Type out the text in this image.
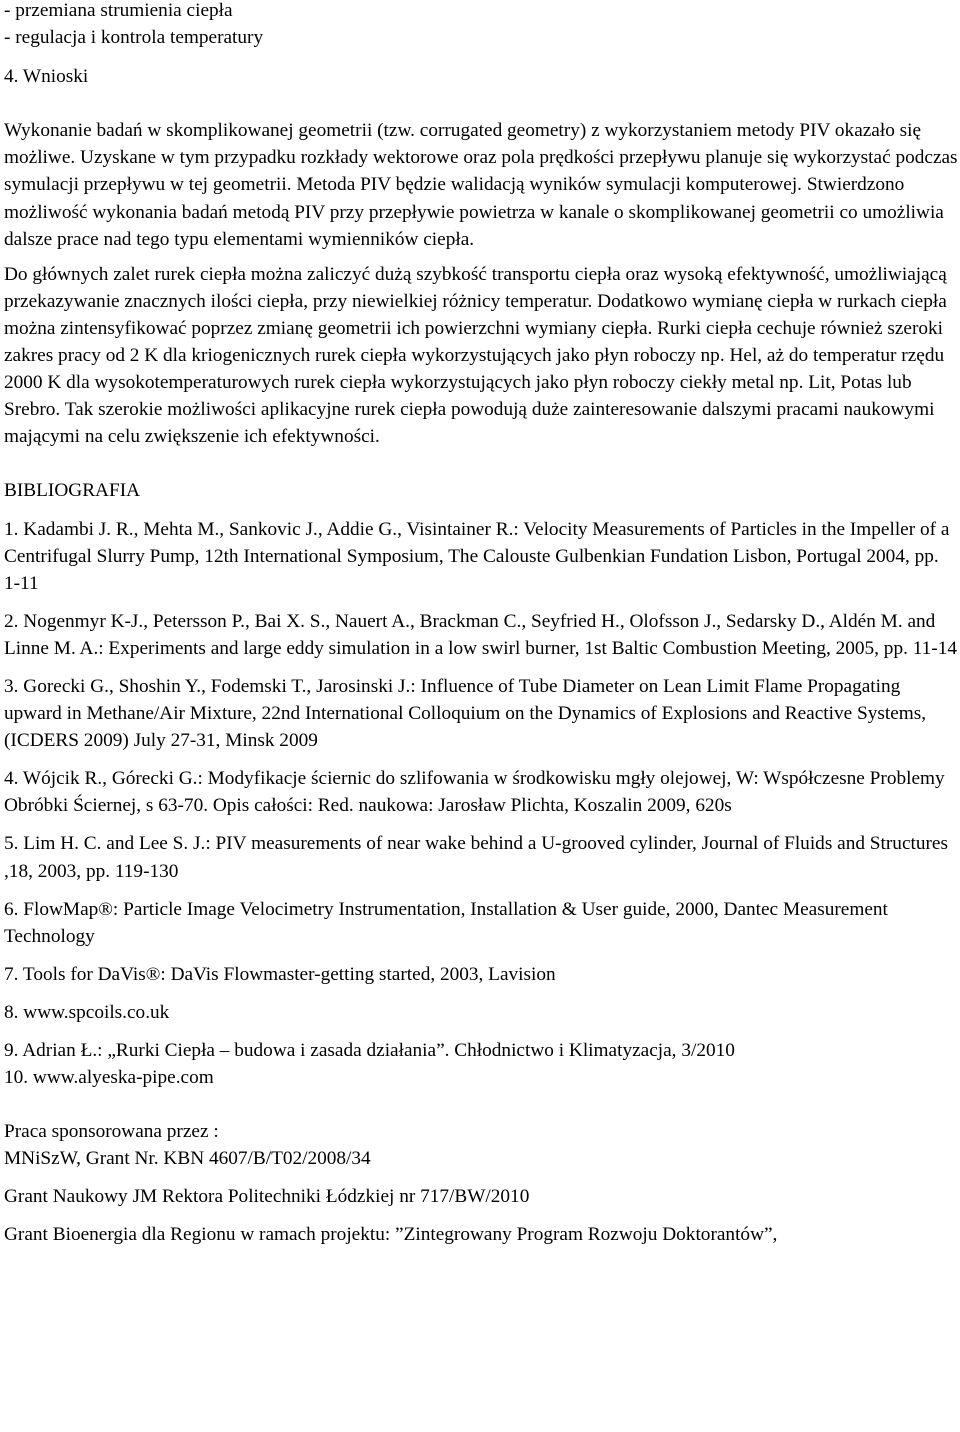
- przemiana strumienia ciepła
- regulacja i kontrola temperatury
4. Wnioski

Wykonanie badań w skomplikowanej geometrii (tzw. corrugated geometry) z wykorzystaniem metody PIV okazało się możliwe. Uzyskane w tym przypadku rozkłady wektorowe oraz pola prędkości przepływu planuje się wykorzystać podczas symulacji przepływu w tej geometrii. Metoda PIV będzie walidacją wyników symulacji komputerowej. Stwierdzono możliwość wykonania badań metodą PIV przy przepływie powietrza w kanale o skomplikowanej geometrii co umożliwia dalsze prace nad tego typu elementami wymienników ciepła.

Do głównych zalet rurek ciepła można zaliczyć dużą szybkość transportu ciepła oraz wysoką efektywność, umożliwiającą przekazywanie znacznych ilości ciepła, przy niewielkiej różnicy temperatur. Dodatkowo wymianę ciepła w rurkach ciepła można zintensyfikować poprzez zmianę geometrii ich powierzchni wymiany ciepła. Rurki ciepła cechuje również szeroki zakres pracy od 2 K dla kriogenicznych rurek ciepła wykorzystujących jako płyn roboczy np. Hel, aż do temperatur rzędu 2000 K dla wysokotemperaturowych rurek ciepła wykorzystujących jako płyn roboczy ciekły metal np. Lit, Potas lub Srebro. Tak szerokie możliwości aplikacyjne rurek ciepła powodują duże zainteresowanie dalszymi pracami naukowymi mającymi na celu zwiększenie ich efektywności.

BIBLIOGRAFIA

1. Kadambi J. R., Mehta M., Sankovic J., Addie G., Visintainer R.: Velocity Measurements of Particles in the Impeller of a Centrifugal Slurry Pump, 12th International Symposium, The Calouste Gulbenkian Fundation Lisbon, Portugal 2004, pp. 1-11

2. Nogenmyr K-J., Petersson P., Bai X. S., Nauert A., Brackman C., Seyfried H., Olofsson J., Sedarsky D., Aldén M. and Linne M. A.: Experiments and large eddy simulation in a low swirl burner, 1st Baltic Combustion Meeting, 2005, pp. 11-14

3. Gorecki G., Shoshin Y., Fodemski T., Jarosinski J.: Influence of Tube Diameter on Lean Limit Flame Propagating upward in Methane/Air Mixture, 22nd International Colloquium on the Dynamics of Explosions and Reactive Systems, (ICDERS 2009) July 27-31, Minsk 2009

4. Wójcik R., Górecki G.: Modyfikacje ściernic do szlifowania w środkowisku mgły olejowej, W: Współczesne Problemy Obróbki Ściernej, s 63-70. Opis całości: Red. naukowa: Jarosław Plichta, Koszalin 2009, 620s

5. Lim H. C. and Lee S. J.: PIV measurements of near wake behind a U-grooved cylinder, Journal of Fluids and Structures ,18, 2003, pp. 119-130

6. FlowMap®: Particle Image Velocimetry Instrumentation, Installation & User guide, 2000, Dantec Measurement Technology

7. Tools for DaVis®: DaVis Flowmaster-getting started, 2003, Lavision

8. www.spcoils.co.uk

9. Adrian Ł.: „Rurki Ciepła – budowa i zasada działania”. Chłodnictwo i Klimatyzacja, 3/2010

10. www.alyeska-pipe.com

Praca sponsorowana przez :
MNiSzW, Grant Nr. KBN 4607/B/T02/2008/34
Grant Naukowy JM Rektora Politechniki Łódzkiej nr 717/BW/2010
Grant Bioenergia dla Regionu w ramach projektu: ”Zintegrowany Program Rozwoju Doktorantów”,
